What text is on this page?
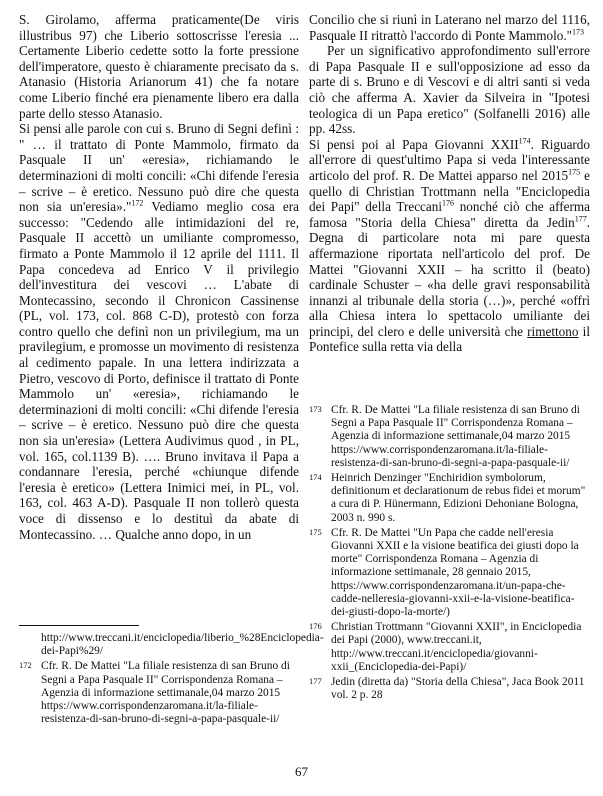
S. Girolamo, afferma praticamente(De viris illustribus 97) che Liberio sottoscrisse l'eresia ... Certamente Liberio cedette sotto la forte pressione dell'imperatore, questo è chiaramente precisato da s. Atanasio (Historia Arianorum 41) che fa notare come Liberio finché era pienamente libero era dalla parte dello stesso Atanasio.

Si pensi alle parole con cui s. Bruno di Segni definì : " … il trattato di Ponte Mammolo, firmato da Pasquale II un' «eresia», richiamando le determinazioni di molti concili: «Chi difende l'eresia – scrive – è eretico. Nessuno può dire che questa non sia un'eresia»."$^{172}$ Vediamo meglio cosa era successo: "Cedendo alle intimidazioni del re, Pasquale II accettò un umiliante compromesso, firmato a Ponte Mammolo il 12 aprile del 1111. Il Papa concedeva ad Enrico V il privilegio dell'investitura dei vescovi … L'abate di Montecassino, secondo il Chronicon Cassinense (PL, vol. 173, col. 868 C-D), protestò con forza contro quello che definì non un privilegium, ma un pravilegium, e promosse un movimento di resistenza al cedimento papale. In una lettera indirizzata a Pietro, vescovo di Porto, definisce il trattato di Ponte Mammolo un' «eresia», richiamando le determinazioni di molti concili: «Chi difende l'eresia – scrive – è eretico. Nessuno può dire che questa non sia un'eresia» (Lettera Audivimus quod , in PL, vol. 165, col.1139 B). …. Bruno invitava il Papa a condannare l'eresia, perché «chiunque difende l'eresia è eretico» (Lettera Inimici mei, in PL, vol. 163, col. 463 A-D). Pasquale II non tollerò questa voce di dissenso e lo destituì da abate di Montecassino. … Qualche anno dopo, in un

http://www.treccani.it/enciclopedia/liberio_%28Enciclopedia-dei-Papi%29/
172 Cfr. R. De Mattei "La filiale resistenza di san Bruno di Segni a Papa Pasquale II" Corrispondenza Romana – Agenzia di informazione settimanale,04 marzo 2015 https://www.corrispondenzaromana.it/la-filiale-resistenza-di-san-bruno-di-segni-a-papa-pasquale-ii/

Concilio che si riunì in Laterano nel marzo del 1116, Pasquale II ritrattò l'accordo di Ponte Mammolo."$^{173}$

Per un significativo approfondimento sull'errore di Papa Pasquale II e sull'opposizione ad esso da parte di s. Bruno e di Vescovi e di altri santi si veda ciò che afferma A. Xavier da Silveira in "Ipotesi teologica di un Papa eretico" (Solfanelli 2016) alle pp. 42ss.

Si pensi poi al Papa Giovanni XXII$^{174}$. Riguardo all'errore di quest'ultimo Papa si veda l'interessante articolo del prof. R. De Mattei apparso nel 2015$^{175}$ e quello di Christian Trottmann nella "Enciclopedia dei Papi" della Treccani$^{176}$ nonché ciò che afferma famosa "Storia della Chiesa" diretta da Jedin$^{177}$. Degna di particolare nota mi pare questa affermazione riportata nell'articolo del prof. De Mattei "Giovanni XXII – ha scritto il (beato) cardinale Schuster – «ha delle gravi responsabilità innanzi al tribunale della storia (…)», perché «offrì alla Chiesa intera lo spettacolo umiliante dei principi, del clero e delle università che rimettono il Pontefice sulla retta via della

173 Cfr. R. De Mattei "La filiale resistenza di san Bruno di Segni a Papa Pasquale II" Corrispondenza Romana – Agenzia di informazione settimanale,04 marzo 2015 https://www.corrispondenzaromana.it/la-filiale-resistenza-di-san-bruno-di-segni-a-papa-pasquale-ii/
174 Heinrich Denzinger "Enchiridion symbolorum, definitionum et declarationum de rebus fidei et morum" a cura di P. Hünermann, Edizioni Dehoniane Bologna, 2003 n. 990 s.
175 Cfr. R. De Mattei "Un Papa che cadde nell'eresia Giovanni XXII e la visione beatifica dei giusti dopo la morte" Corrispondenza Romana – Agenzia di informazione settimanale, 28 gennaio 2015, https://www.corrispondenzaromana.it/un-papa-che-cadde-nelleresia-giovanni-xxii-e-la-visione-beatifica-dei-giusti-dopo-la-morte/)
176 Christian Trottmann "Giovanni XXII", in Enciclopedia dei Papi (2000), www.treccani.it, http://www.treccani.it/enciclopedia/giovanni-xxii_(Enciclopedia-dei-Papi)/
177 Jedin (diretta da) "Storia della Chiesa", Jaca Book 2011 vol. 2 p. 28
67
